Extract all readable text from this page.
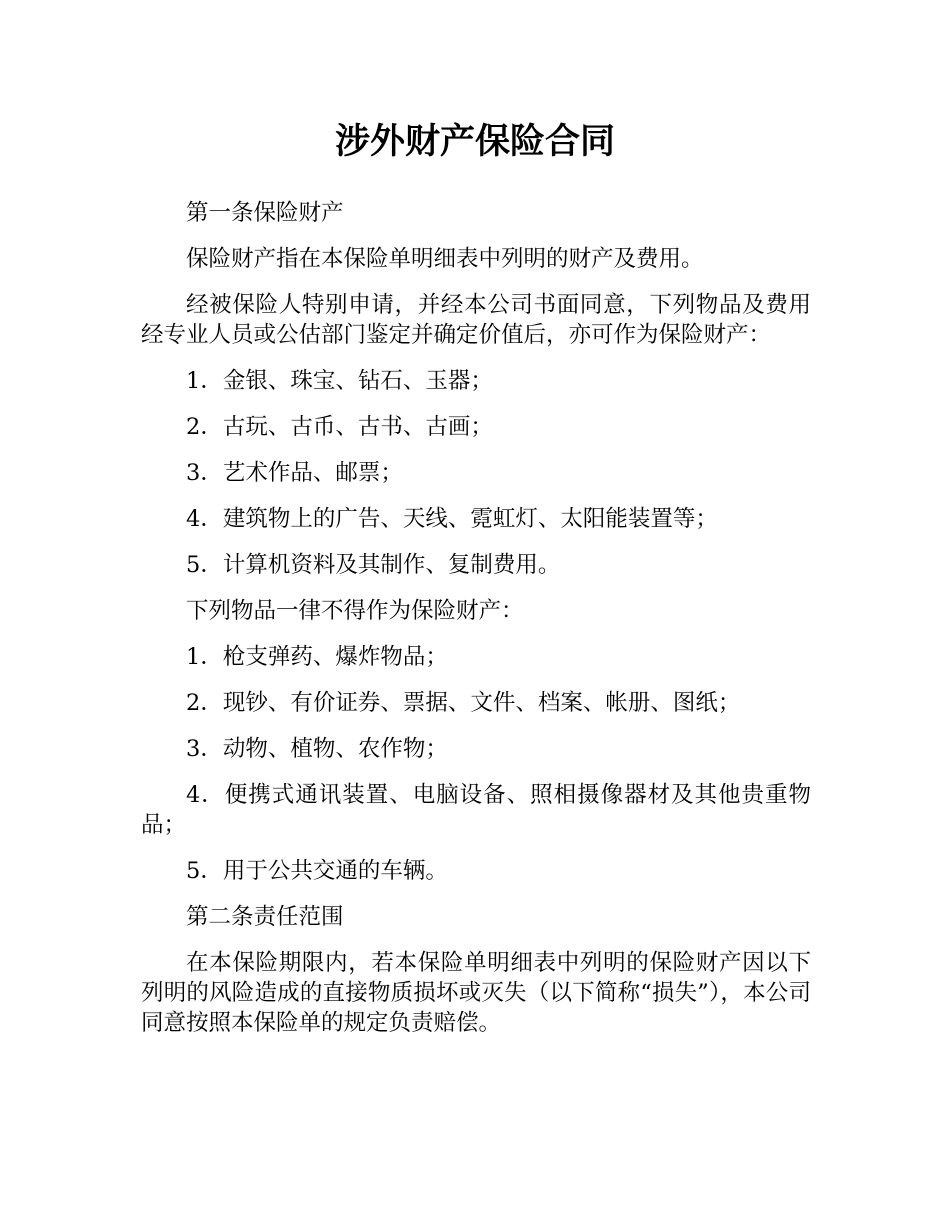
涉外财产保险合同

第一条保险财产

保险财产指在本保险单明细表中列明的财产及费用。

经被保险人特别申请，并经本公司书面同意，下列物品及费用经专业人员或公估部门鉴定并确定价值后，亦可作为保险财产：

1．金银、珠宝、钻石、玉器；

2．古玩、古币、古书、古画；

3．艺术作品、邮票；

4．建筑物上的广告、天线、霓虹灯、太阳能装置等；

5．计算机资料及其制作、复制费用。

下列物品一律不得作为保险财产：

1．枪支弹药、爆炸物品；

2．现钞、有价证券、票据、文件、档案、帐册、图纸；

3．动物、植物、农作物；

4．便携式通讯装置、电脑设备、照相摄像器材及其他贵重物品；

5．用于公共交通的车辆。

第二条责任范围

在本保险期限内，若本保险单明细表中列明的保险财产因以下列明的风险造成的直接物质损坏或灭失（以下简称“损失”），本公司同意按照本保险单的规定负责赔偿。
